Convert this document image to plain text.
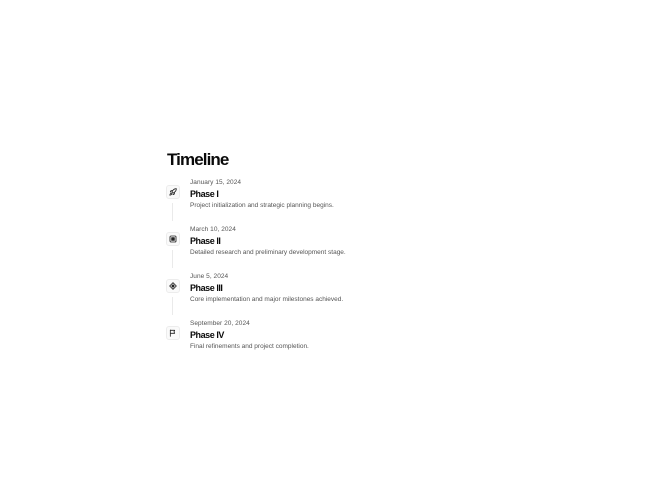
Timeline
January 15, 2024
Phase I
Project initialization and strategic planning begins.
March 10, 2024
Phase II
Detailed research and preliminary development stage.
June 5, 2024
Phase III
Core implementation and major milestones achieved.
September 20, 2024
Phase IV
Final refinements and project completion.
